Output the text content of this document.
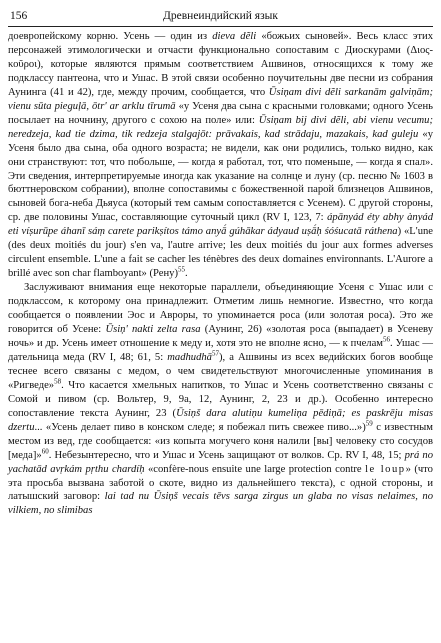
156	Древнеиндийский язык

доевропейскому корню. Усень — один из dievа dẽli «божьих сыновей». Весь класс этих персонажей этимологически и отчасти функционально сопоставим с Диоскурами (Διος-κοῦροι), которые являются прямым соответствием Ашвинов, относящихся к тому же подклассу пантеона, что и Ушас. В этой связи особенно поучительны две песни из собрания Аунинга (41 и 42), где, между прочим, сообщается, что Ūsiņam divi dẽli sarkanām galviņām; vienu sūta pieguļā, ōtr' ar arklu tīrumā «у Усеня два сына с красными головками; одного Усень посылает на ночнину, другого с сохою на поле» или: Ūsiņam bij divi dẽli, abi vienu vecumu; neredzeja, kad tie dzima, tik redzeja stalgajōt: prāvakais, kad strādaju, mazakais, kad guleju «у Усеня было два сына, оба одного возраста; не видели, как они родились, только видно, как они странствуют: тот, что побольше, — когда я работал, тот, что поменьше, — когда я спал». Эти сведения, интерпретируемые иногда как указание на солнце и луну (ср. песню № 1603 в бюттнеровском собрании), вполне сопоставимы с божественной парой близнецов Ашвинов, сыновей бога-неба Дьяуса (который тем самым сопоставляется с Усенем). С другой стороны, ср. две половины Ушас, составляющие суточный цикл (RV I, 123, 7: ápānyád éty abhy ànyád eti víṣurūpe áhanī sáṃ carete parikṣítos támo anyā́ gúhākar ádyaud uṣā́ḥ śóśucatā ráthena) «L'une (des deux moitiés du jour) s'en va, l'autre arrive; les deux moitiés du jour aux formes adverses circulent ensemble. L'une a fait se cacher les ténèbres des deux domaines environnants. L'Aurore a brillé avec son char flamboyant» (Рену)$^{55}$.

Заслуживают внимания еще некоторые параллели, объединяющие Усеня с Ушас или с подклассом, к которому она принадлежит. Отметим лишь немногие. Известно, что когда сообщается о появлении Эос и Авроры, то упоминается роса (или золотая роса). Это же говорится об Усене: Ūsiņ' nakti zelta rasa (Аунинг, 26) «золотая роса (выпадает) в Усеневу ночь» и др. Усень имеет отношение к меду и, хотя это не вполне ясно, — к пчелам$^{56}$. Ушас — дательница меда (RV I, 48; 61, 5: madhudhā$^{57}$), а Ашвины из всех ведийских богов вообще теснее всего связаны с медом, о чем свидетельствуют многочисленные упоминания в «Ригведе»$^{58}$. Что касается хмельных напитков, то Ушас и Усень соответственно связаны с Сомой и пивом (ср. Вольтер, 9, 9а, 12, Аунинг, 2, 23 и др.). Особенно интересно сопоставление текста Аунинг, 23 (Ūsiņš dara alutiņu kumeliņa pēdiņā; es paskrēju misas dzertu... «Усень делает пиво в конском следе; я побежал пить свежее пиво...»)$^{59}$ с известным местом из вед, где сообщается: «из копыта могучего коня налили [вы] человеку сто сосудов [меда]»$^{60}$. Небезынтересно, что и Ушас и Усень защищают от волков. Ср. RV I, 48, 15; prá no yachatād avṛkám pṛthu chardíḥ «confère-nous ensuite une large protection contre le loup» (что эта просьба вызвана заботой о скоте, видно из дальнейшего текста), с одной стороны, и латышский заговор: lai tad nu Ūsiņš vecais tēvs sarga zirgus un glaba no visas nelaimes, no vilkiem, no slimibas
